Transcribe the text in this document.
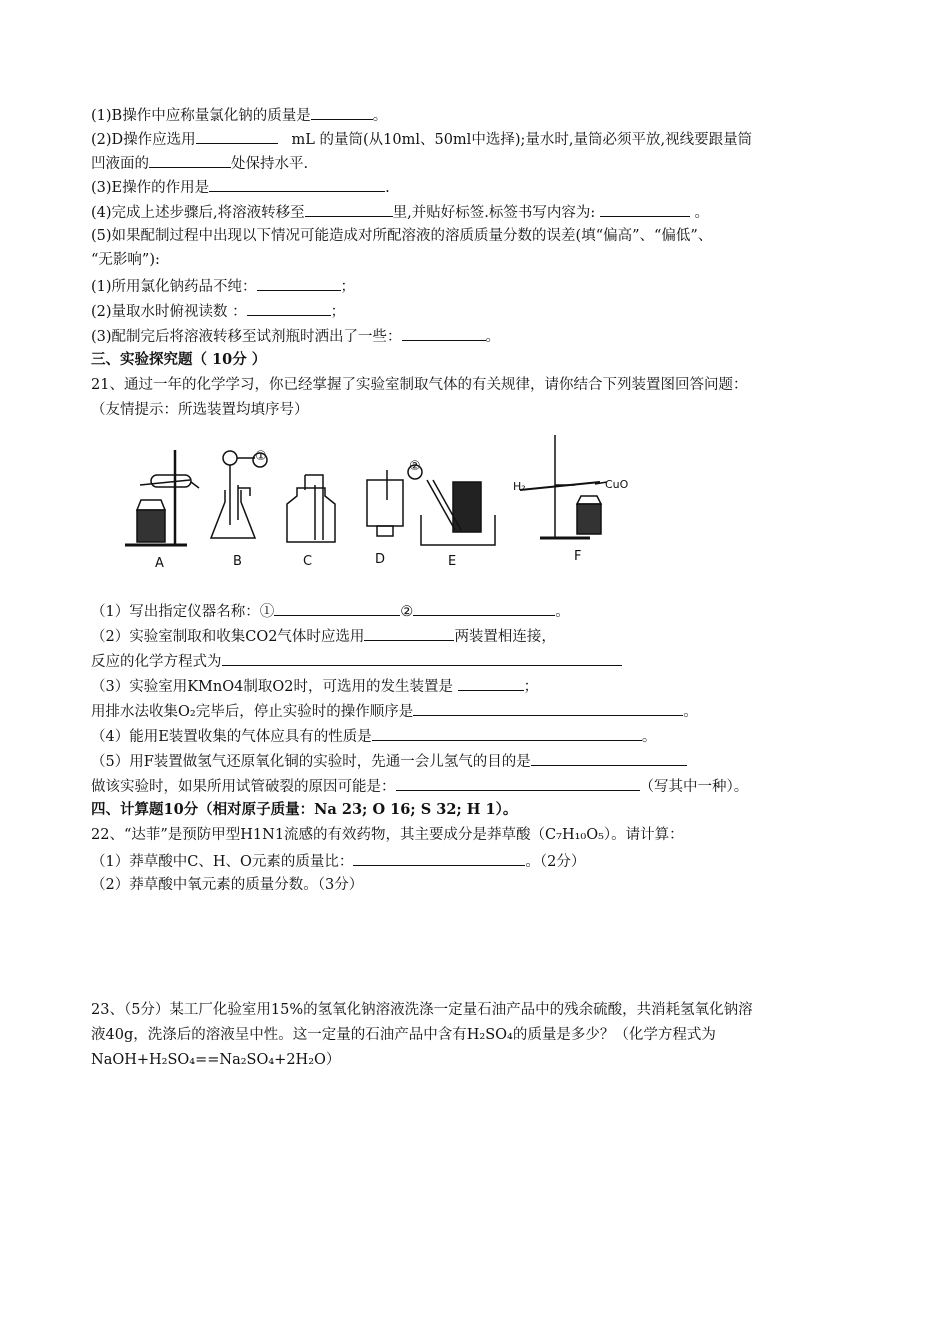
(1)B操作中应称量氯化钠的质量是	。
(2)D操作应选用	mL 的量筒(从10ml、50ml中选择);量水时,量筒必须平放,视线要跟量筒
凹液面的	处保持水平.
(3)E操作的作用是	.
(4)完成上述步骤后,将溶液转移至	里,并贴好标签.标签书写内容为:	。
(5)如果配制过程中出现以下情况可能造成对所配溶液的溶质质量分数的误差(填“偏高”、“偏低”、
“无影响”):
(1)所用氯化钠药品不纯：	；
(2)量取水时俯视读数 ：	；
(3)配制完后将溶液转移至试剂瓶时洒出了一些：	。
三、实验探究题（ 10分 ）
21、通过一年的化学学习，你已经掌握了实验室制取气体的有关规律，请你结合下列装置图回答问题：
（友情提示：所选装置均填序号）
A	B	C	D	E	F
①
②
H₂	CuO
（1）写出指定仪器名称：①	②	。
（2）实验室制取和收集CO2气体时应选用	两装置相连接，
反应的化学方程式为
（3）实验室用KMnO4制取O2时，可选用的发生装置是	；
用排水法收集O₂完毕后，停止实验时的操作顺序是	。
（4）能用E装置收集的气体应具有的性质是	。
（5）用F装置做氢气还原氧化铜的实验时，先通一会儿氢气的目的是
做该实验时，如果所用试管破裂的原因可能是：	（写其中一种）。
四、计算题10分（相对原子质量：Na 23; O 16; S 32; H 1）。
22、“达菲”是预防甲型H1N1流感的有效药物，其主要成分是莽草酸（C₇H₁₀O₅）。请计算：
（1）莽草酸中C、H、O元素的质量比：	。（2分）
（2）莽草酸中氧元素的质量分数。（3分）
23、（5分）某工厂化验室用15%的氢氧化钠溶液洗涤一定量石油产品中的残余硫酸，共消耗氢氧化钠溶
液40g，洗涤后的溶液呈中性。这一定量的石油产品中含有H₂SO₄的质量是多少？（化学方程式为
NaOH+H₂SO₄==Na₂SO₄+2H₂O）
